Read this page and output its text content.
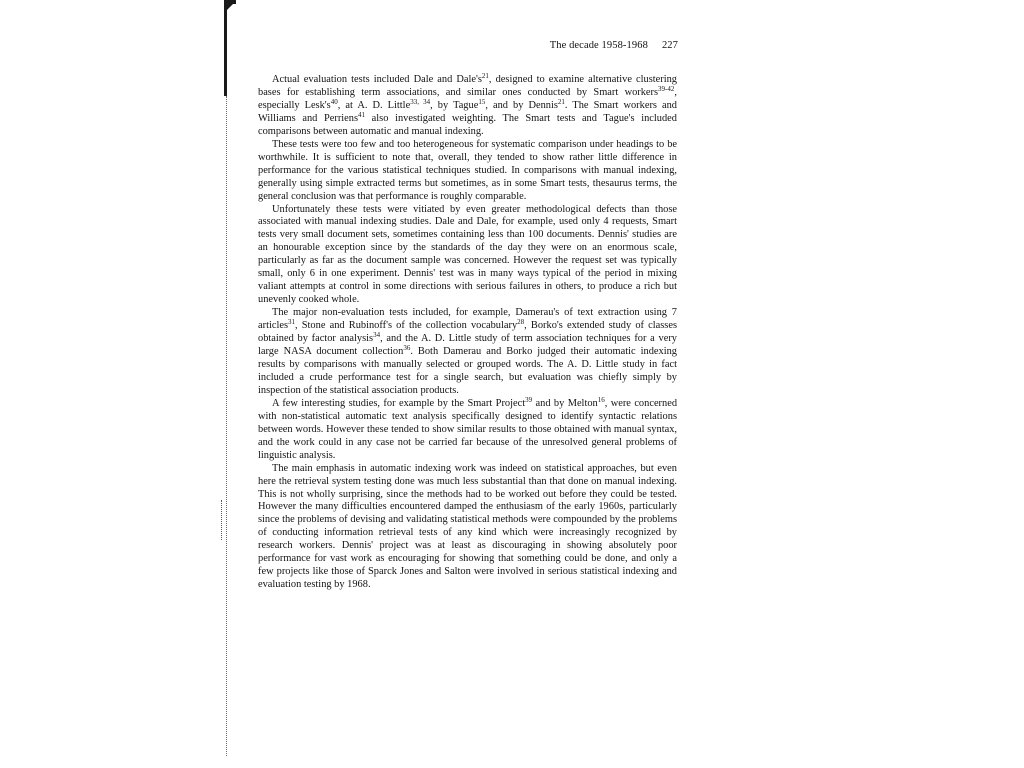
The decade 1958-1968 227

Actual evaluation tests included Dale and $Dale's^{21}$, designed to examine alternative clustering bases for establishing term associations, and similar ones conducted by Smart workers$^{39-42}$, especially $Lesk's^{40}$, at A. D. Little$^{33, 34}$, by Tague$^{15}$, and by Dennis$^{21}$. The Smart workers and Williams and Perriens$^{41}$ also investigated weighting. The Smart tests and Tague's included comparisons between automatic and manual indexing.

These tests were too few and too heterogeneous for systematic comparison under headings to be worthwhile. It is sufficient to note that, overall, they tended to show rather little difference in performance for the various statistical techniques studied. In comparisons with manual indexing, generally using simple extracted terms but sometimes, as in some Smart tests, thesaurus terms, the general conclusion was that performance is roughly comparable.

Unfortunately these tests were vitiated by even greater methodological defects than those associated with manual indexing studies. Dale and Dale, for example, used only 4 requests, Smart tests very small document sets, sometimes containing less than 100 documents. Dennis' studies are an honourable exception since by the standards of the day they were on an enormous scale, particularly as far as the document sample was concerned. However the request set was typically small, only 6 in one experiment. Dennis' test was in many ways typical of the period in mixing valiant attempts at control in some directions with serious failures in others, to produce a rich but unevenly cooked whole.

The major non-evaluation tests included, for example, Damerau's of text extraction using 7 articles$^{31}$, Stone and Rubinoff's of the collection vocabulary$^{28}$, Borko's extended study of classes obtained by factor analysis$^{34}$, and the A. D. Little study of term association techniques for a very large NASA document collection$^{36}$. Both Damerau and Borko judged their automatic indexing results by comparisons with manually selected or grouped words. The A. D. Little study in fact included a crude performance test for a single search, but evaluation was chiefly simply by inspection of the statistical association products.

A few interesting studies, for example by the Smart Project$^{39}$ and by Melton$^{16}$, were concerned with non-statistical automatic text analysis specifically designed to identify syntactic relations between words. However these tended to show similar results to those obtained with manual syntax, and the work could in any case not be carried far because of the unresolved general problems of linguistic analysis.

The main emphasis in automatic indexing work was indeed on statistical approaches, but even here the retrieval system testing done was much less substantial than that done on manual indexing. This is not wholly surprising, since the methods had to be worked out before they could be tested. However the many difficulties encountered damped the enthusiasm of the early 1960s, particularly since the problems of devising and validating statistical methods were compounded by the problems of conducting information retrieval tests of any kind which were increasingly recognized by research workers. Dennis' project was at least as discouraging in showing absolutely poor performance for vast work as encouraging for showing that something could be done, and only a few projects like those of Sparck Jones and Salton were involved in serious statistical indexing and evaluation testing by 1968.
